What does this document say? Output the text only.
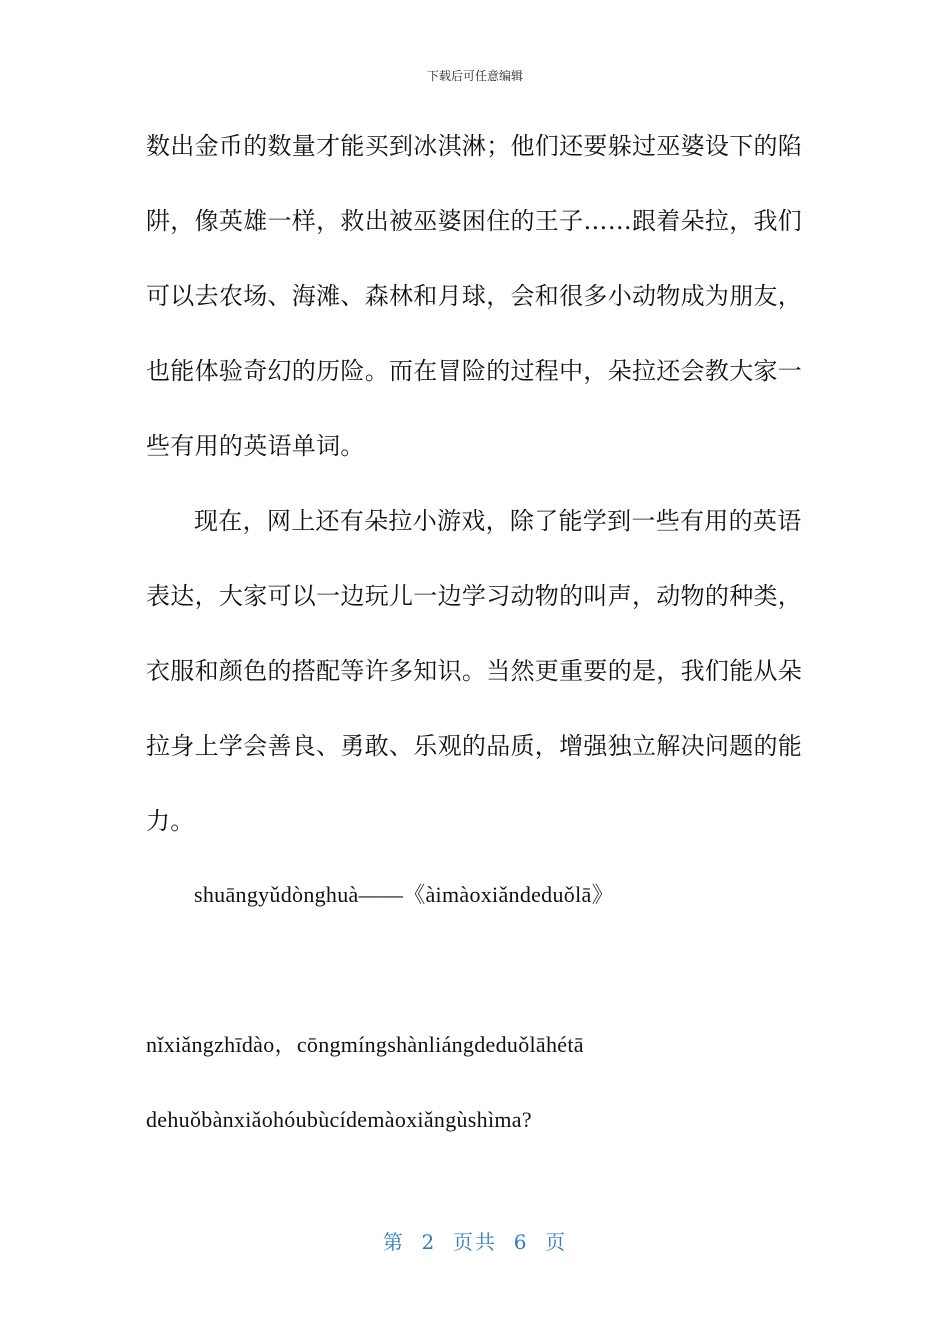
下载后可任意编辑
数出金币的数量才能买到冰淇淋；他们还要躲过巫婆设下的陷
阱，像英雄一样，救出被巫婆困住的王子……跟着朵拉，我们
可以去农场、海滩、森林和月球，会和很多小动物成为朋友，
也能体验奇幻的历险。而在冒险的过程中，朵拉还会教大家一
些有用的英语单词。
现在，网上还有朵拉小游戏，除了能学到一些有用的英语
表达，大家可以一边玩儿一边学习动物的叫声，动物的种类，
衣服和颜色的搭配等许多知识。当然更重要的是，我们能从朵
拉身上学会善良、勇敢、乐观的品质，增强独立解决问题的能
力。
shuāngyǔdònghuà——《àimàoxiǎndeduǒlā》
nǐxiǎngzhīdào，cōngmíngshànliángdeduǒlāhétā
dehuǒbànxiǎohóubùcídemàoxiǎngùshìma?
第  2  页共  6  页
